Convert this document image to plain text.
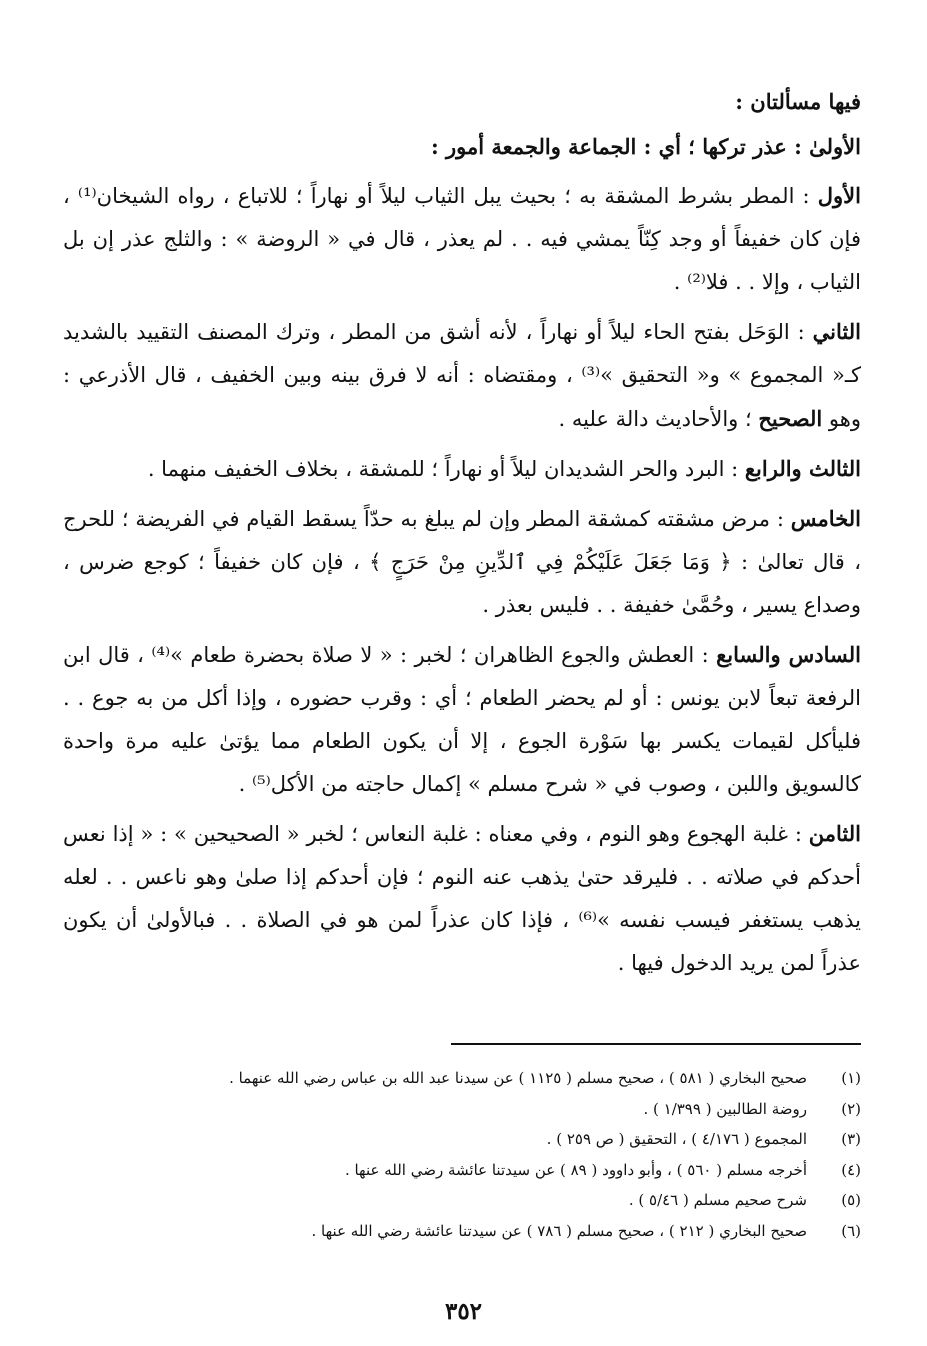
فيها مسألتان :

الأولىٰ : عذر تركها ؛ أي : الجماعة والجمعة أمور :

الأول : المطر بشرط المشقة به ؛ بحيث يبل الثياب ليلاً أو نهاراً ؛ للاتباع ، رواه الشيخان⁽¹⁾ ، فإن كان خفيفاً أو وجد كِنّاً يمشي فيه . . لم يعذر ، قال في « الروضة » : والثلج عذر إن بل الثياب ، وإلا . . فلا⁽²⁾ .

الثاني : الوَحَل بفتح الحاء ليلاً أو نهاراً ، لأنه أشق من المطر ، وترك المصنف التقييد بالشديد كـ« المجموع » و« التحقيق »⁽³⁾ ، ومقتضاه : أنه لا فرق بينه وبين الخفيف ، قال الأذرعي : وهو الصحيح ؛ والأحاديث دالة عليه .

الثالث والرابع : البرد والحر الشديدان ليلاً أو نهاراً ؛ للمشقة ، بخلاف الخفيف منهما .

الخامس : مرض مشقته كمشقة المطر وإن لم يبلغ به حدّاً يسقط القيام في الفريضة ؛ للحرج ، قال تعالىٰ : ﴿ وَمَا جَعَلَ عَلَيْكُمْ فِي ٱلدِّينِ مِنْ حَرَجٍ ﴾ ، فإن كان خفيفاً ؛ كوجع ضرس ، وصداع يسير ، وحُمَّىٰ خفيفة . . فليس بعذر .

السادس والسابع : العطش والجوع الظاهران ؛ لخبر : « لا صلاة بحضرة طعام »⁽⁴⁾ ، قال ابن الرفعة تبعاً لابن يونس : أو لم يحضر الطعام ؛ أي : وقرب حضوره ، وإذا أكل من به جوع . . فليأكل لقيمات يكسر بها سَوْرة الجوع ، إلا أن يكون الطعام مما يؤتىٰ عليه مرة واحدة كالسويق واللبن ، وصوب في « شرح مسلم » إكمال حاجته من الأكل⁽⁵⁾ .

الثامن : غلبة الهجوع وهو النوم ، وفي معناه : غلبة النعاس ؛ لخبر « الصحيحين » : « إذا نعس أحدكم في صلاته . . فليرقد حتىٰ يذهب عنه النوم ؛ فإن أحدكم إذا صلىٰ وهو ناعس . . لعله يذهب يستغفر فيسب نفسه »⁽⁶⁾ ، فإذا كان عذراً لمن هو في الصلاة . . فبالأولىٰ أن يكون عذراً لمن يريد الدخول فيها .

(١)
صحيح البخاري ( ٥٨١ ) ، صحيح مسلم ( ١١٢٥ ) عن سيدنا عبد الله بن عباس رضي الله عنهما .
(٢)
روضة الطالبين ( ١/٣٩٩ ) .
(٣)
المجموع ( ٤/١٧٦ ) ، التحقيق ( ص ٢٥٩ ) .
(٤)
أخرجه مسلم ( ٥٦٠ ) ، وأبو داوود ( ٨٩ ) عن سيدتنا عائشة رضي الله عنها .
(٥)
شرح صحيم مسلم ( ٥/٤٦ ) .
(٦)
صحيح البخاري ( ٢١٢ ) ، صحيح مسلم ( ٧٨٦ ) عن سيدتنا عائشة رضي الله عنها .
٣٥٢
